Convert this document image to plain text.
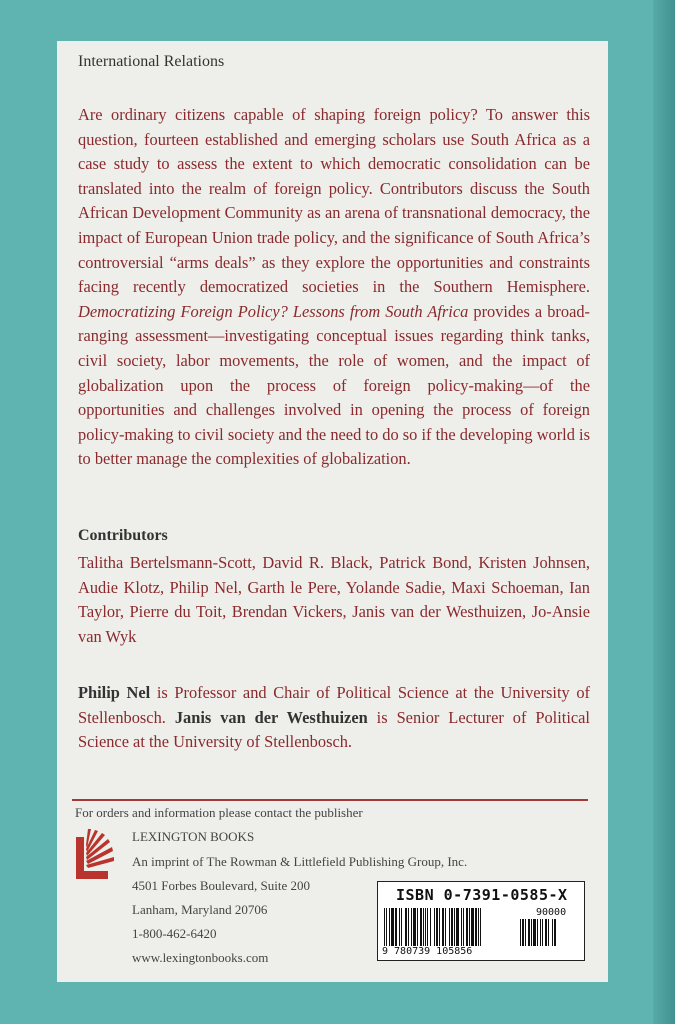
International Relations

Are ordinary citizens capable of shaping foreign policy? To answer this question, fourteen established and emerging scholars use South Africa as a case study to assess the extent to which democratic consolidation can be translated into the realm of foreign policy. Contributors discuss the South African Development Community as an arena of transnational democracy, the impact of European Union trade policy, and the significance of South Africa’s controversial “arms deals” as they explore the opportunities and constraints facing recently democratized societies in the Southern Hemisphere. Democratizing Foreign Policy? Lessons from South Africa provides a broad-ranging assessment—investigating conceptual issues regarding think tanks, civil society, labor movements, the role of women, and the impact of globalization upon the process of foreign policy-making—of the opportunities and challenges involved in opening the process of foreign policy-making to civil society and the need to do so if the developing world is to better manage the complexities of globalization.

Contributors

Talitha Bertelsmann-Scott, David R. Black, Patrick Bond, Kristen Johnsen, Audie Klotz, Philip Nel, Garth le Pere, Yolande Sadie, Maxi Schoeman, Ian Taylor, Pierre du Toit, Brendan Vickers, Janis van der Westhuizen, Jo-Ansie van Wyk

Philip Nel is Professor and Chair of Political Science at the University of Stellenbosch. Janis van der Westhuizen is Senior Lecturer of Political Science at the University of Stellenbosch.

For orders and information please contact the publisher
LEXINGTON BOOKS
An imprint of The Rowman & Littlefield Publishing Group, Inc.
4501 Forbes Boulevard, Suite 200
Lanham, Maryland 20706
1-800-462-6420
www.lexingtonbooks.com
ISBN 0-7391-0585-X
90000
9 780739 105856
